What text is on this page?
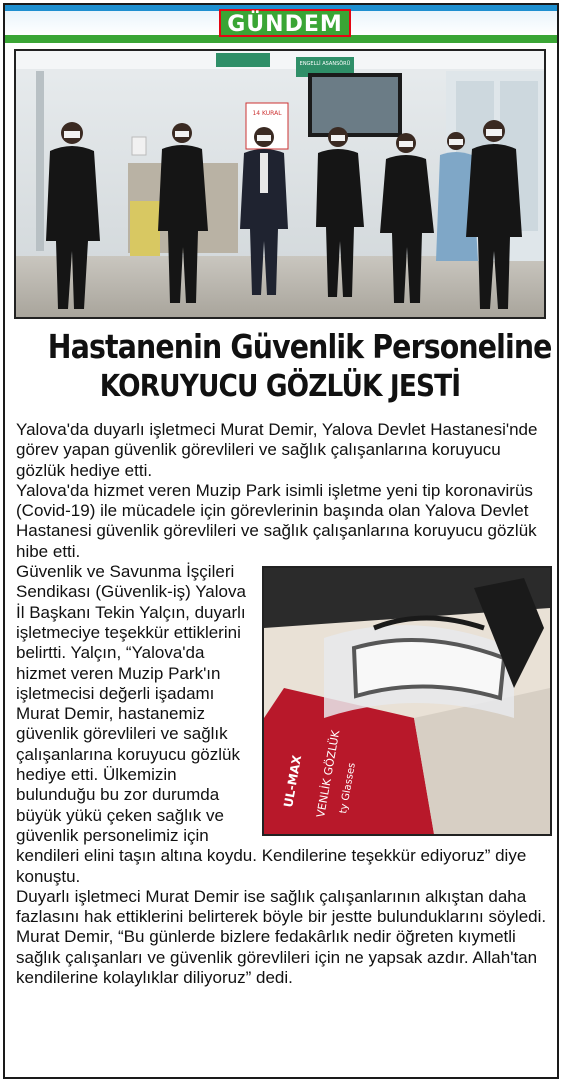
GÜNDEM
ENGELLİ ASANSÖRÜ
14 KURAL
Hastanenin Güvenlik Personeline
KORUYUCU GÖZLÜK JESTİ

Yalova'da duyarlı işletmeci Murat Demir, Yalova Devlet Hastanesi'nde görev yapan güvenlik görevlileri ve sağlık çalışanlarına koruyucu gözlük hediye etti.

Yalova'da hizmet veren Muzip Park isimli işletme yeni tip koronavirüs (Covid-19) ile mücadele için görevlerinin başında olan Yalova Devlet Hastanesi güvenlik görevlileri ve sağlık çalışanlarına koruyucu gözlük hibe etti.

UL-MAX VENLİK GÖZLÜK
ty Glasses

Güvenlik ve Savunma İşçileri Sendikası (Güvenlik-iş) Yalova İl Başkanı Tekin Yalçın, duyarlı işletmeciye teşekkür ettiklerini belirtti. Yalçın, “Yalova'da hizmet veren Muzip Park'ın işletmecisi değerli işadamı Murat Demir, hastanemiz güvenlik görevlileri ve sağlık çalışanlarına koruyucu gözlük hediye etti. Ülkemizin bulunduğu bu zor durumda büyük yükü çeken sağlık ve güvenlik personelimiz için kendileri elini taşın altına koydu. Kendilerine teşekkür ediyoruz” diye konuştu.

Duyarlı işletmeci Murat Demir ise sağlık çalışanlarının alkıştan daha fazlasını hak ettiklerini belirterek böyle bir jestte bulunduklarını söyledi. Murat Demir, “Bu günlerde bizlere fedakârlık nedir öğreten kıymetli sağlık çalışanları ve güvenlik görevlileri için ne yapsak azdır. Allah'tan kendilerine kolaylıklar diliyoruz” dedi.
